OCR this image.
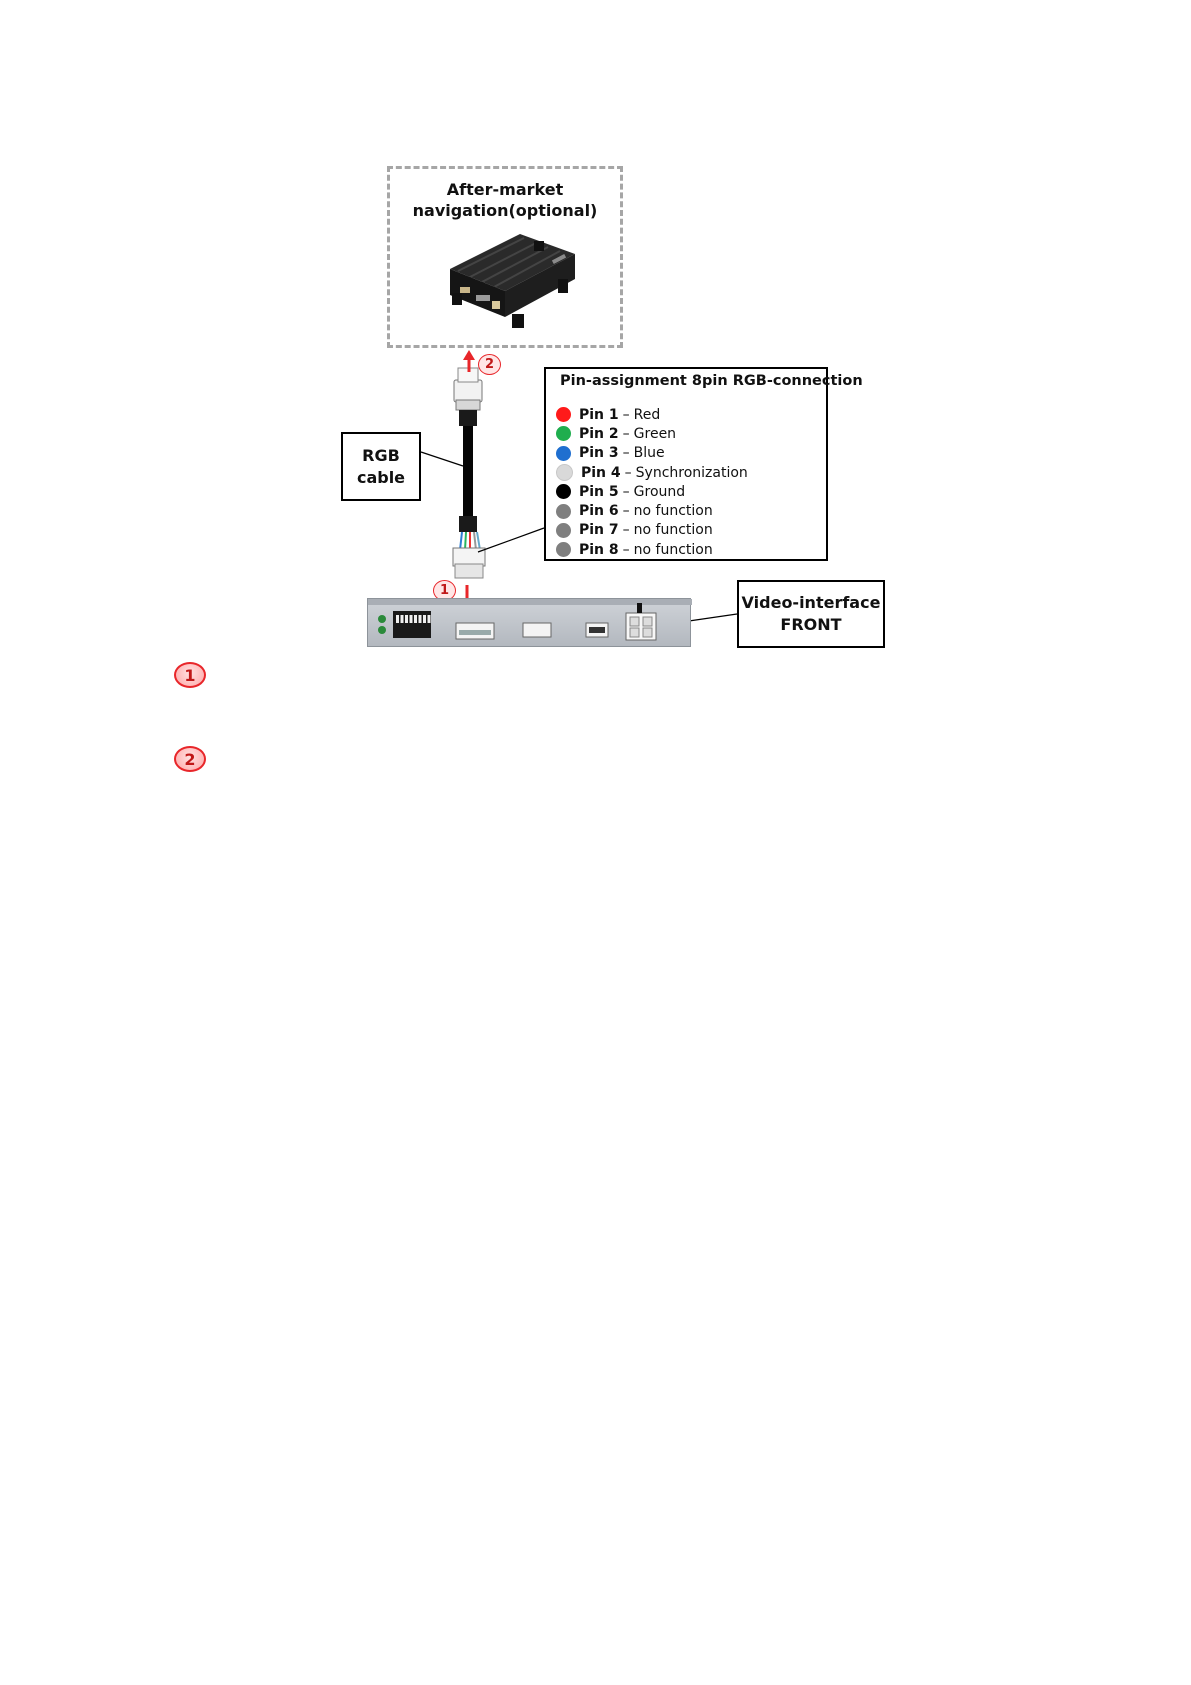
After-market
navigation(optional)
2
1
RGB
cable
Pin-assignment 8pin RGB-connection
Pin 1 – Red
Pin 2 – Green
Pin 3 – Blue
Pin 4 – Synchronization
Pin 5 – Ground
Pin 6 – no function
Pin 7 – no function
Pin 8 – no function
Video-interface
FRONT
1
2
